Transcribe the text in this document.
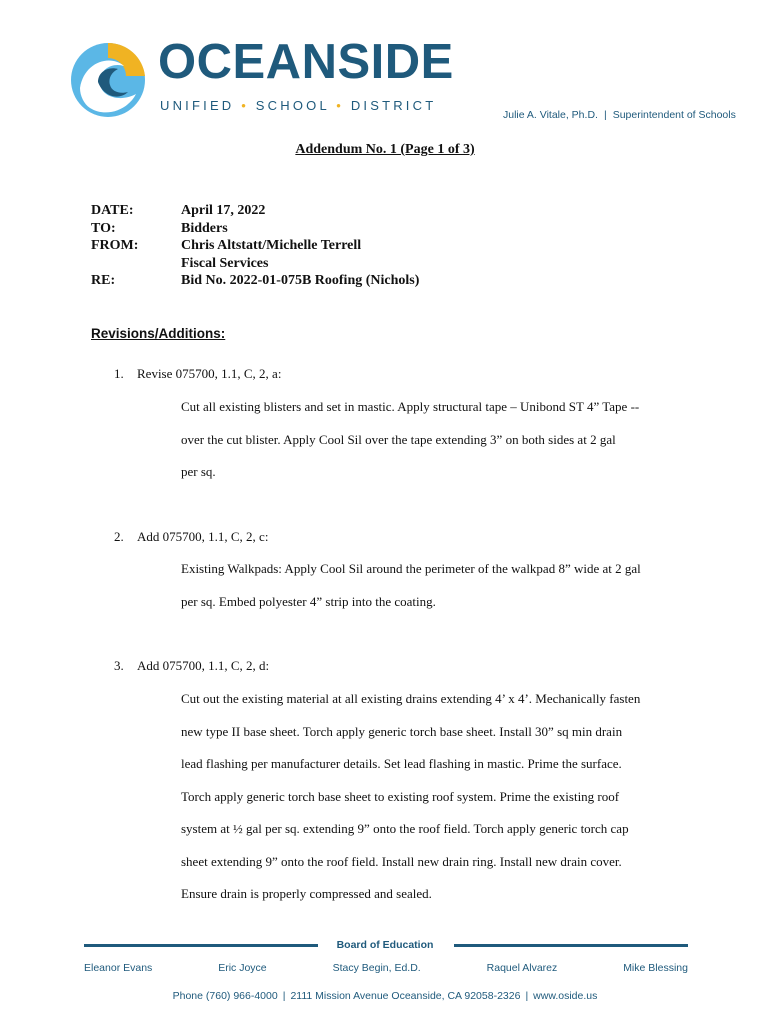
OCEANSIDE
UNIFIED • SCHOOL • DISTRICT
Julie A. Vitale, Ph.D. | Superintendent of Schools
Addendum No. 1 (Page 1 of 3)
DATE:	April 17, 2022
TO:	Bidders
FROM:	Chris Altstatt/Michelle Terrell
Fiscal Services
RE:	Bid No. 2022-01-075B Roofing (Nichols)
Revisions/Additions:
1. Revise 075700, 1.1, C, 2, a:
Cut all existing blisters and set in mastic. Apply structural tape – Unibond ST 4” Tape --
over the cut blister. Apply Cool Sil over the tape extending 3” on both sides at 2 gal
per sq.
2. Add 075700, 1.1, C, 2, c:
Existing Walkpads: Apply Cool Sil around the perimeter of the walkpad 8” wide at 2 gal
per sq. Embed polyester 4” strip into the coating.
3. Add 075700, 1.1, C, 2, d:
Cut out the existing material at all existing drains extending 4’ x 4’. Mechanically fasten
new type II base sheet. Torch apply generic torch base sheet. Install 30” sq min drain
lead flashing per manufacturer details. Set lead flashing in mastic. Prime the surface.
Torch apply generic torch base sheet to existing roof system. Prime the existing roof
system at ½ gal per sq. extending 9” onto the roof field. Torch apply generic torch cap
sheet extending 9” onto the roof field. Install new drain ring. Install new drain cover.
Ensure drain is properly compressed and sealed.
Board of Education
Eleanor Evans	Eric Joyce	Stacy Begin, Ed.D.	Raquel Alvarez	Mike Blessing
Phone (760) 966-4000 | 2111 Mission Avenue Oceanside, CA 92058-2326 | www.oside.us
